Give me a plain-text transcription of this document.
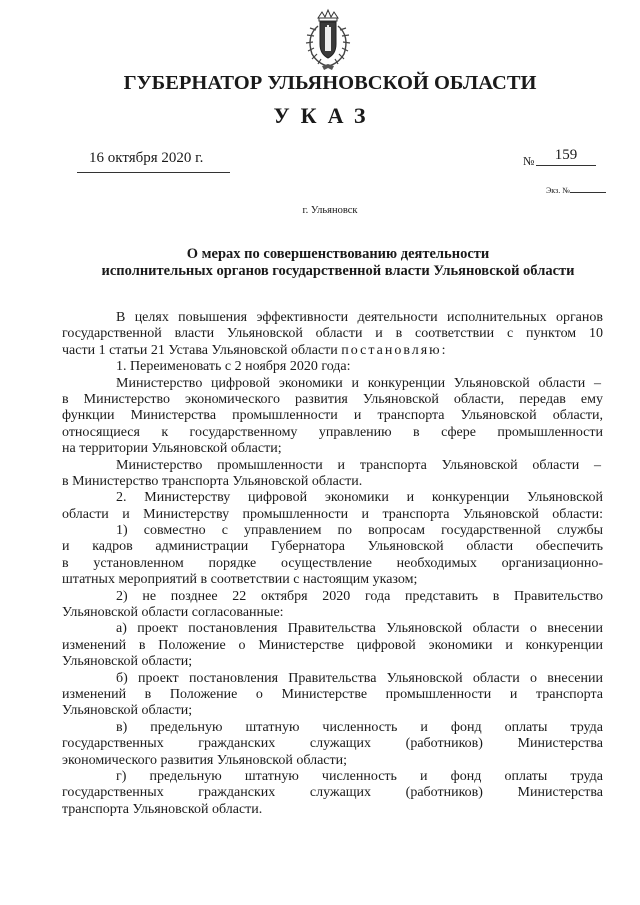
ГУБЕРНАТОР УЛЬЯНОВСКОЙ ОБЛАСТИ
УКАЗ
16 октября 2020 г.	№	159
Экз. №
г. Ульяновск
О мерах по совершенствованию деятельности
исполнительных органов государственной власти Ульяновской области
В целях повышения эффективности деятельности исполнительных органов
государственной власти Ульяновской области и в соответствии с пунктом 10
части 1 статьи 21 Устава Ульяновской области постановляю:
1. Переименовать с 2 ноября 2020 года:
Министерство цифровой экономики и конкуренции Ульяновской области –
в Министерство экономического развития Ульяновской области, передав ему
функции Министерства промышленности и транспорта Ульяновской области,
относящиеся к государственному управлению в сфере промышленности
на территории Ульяновской области;
Министерство промышленности и транспорта Ульяновской области –
в Министерство транспорта Ульяновской области.
2. Министерству цифровой экономики и конкуренции Ульяновской
области и Министерству промышленности и транспорта Ульяновской области:
1) совместно с управлением по вопросам государственной службы
и кадров администрации Губернатора Ульяновской области обеспечить
в установленном порядке осуществление необходимых организационно-
штатных мероприятий в соответствии с настоящим указом;
2) не позднее 22 октября 2020 года представить в Правительство
Ульяновской области согласованные:
а) проект постановления Правительства Ульяновской области о внесении
изменений в Положение о Министерстве цифровой экономики и конкуренции
Ульяновской области;
б) проект постановления Правительства Ульяновской области о внесении
изменений в Положение о Министерстве промышленности и транспорта
Ульяновской области;
в) предельную штатную численность и фонд оплаты труда
государственных гражданских служащих (работников) Министерства
экономического развития Ульяновской области;
г) предельную штатную численность и фонд оплаты труда
государственных гражданских служащих (работников) Министерства
транспорта Ульяновской области.
